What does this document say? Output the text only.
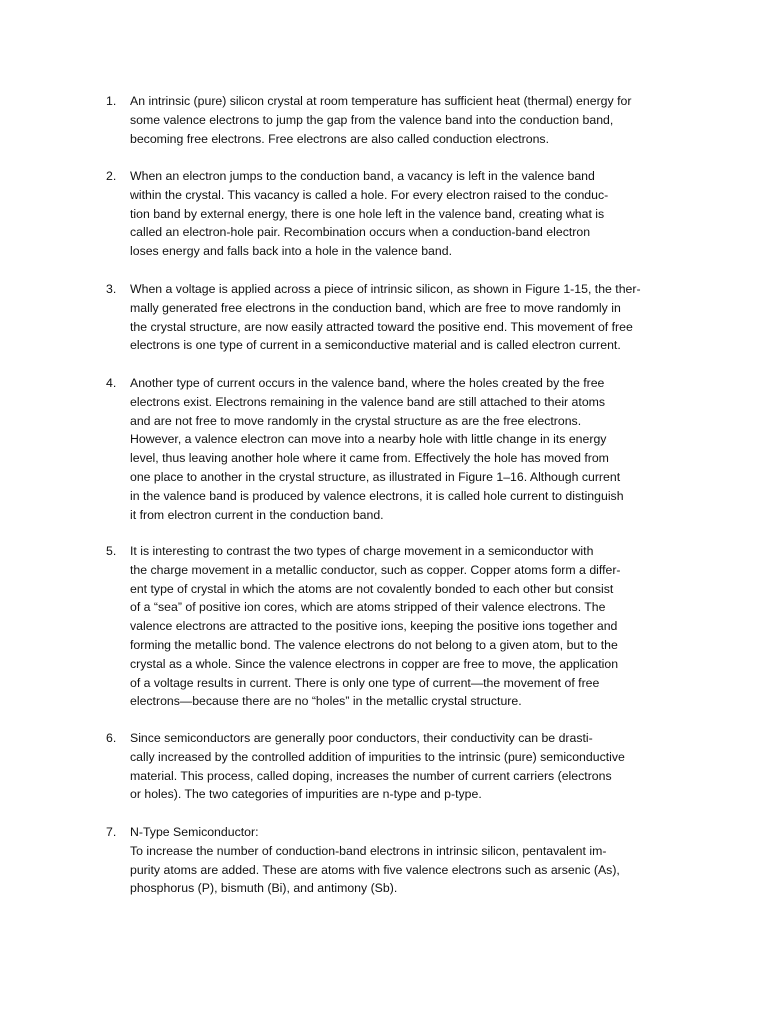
1.	An intrinsic (pure) silicon crystal at room temperature has sufficient heat (thermal) energy for
some valence electrons to jump the gap from the valence band into the conduction band,
becoming free electrons. Free electrons are also called conduction electrons.
2.	When an electron jumps to the conduction band, a vacancy is left in the valence band
within the crystal. This vacancy is called a hole. For every electron raised to the conduc-
tion band by external energy, there is one hole left in the valence band, creating what is
called an electron-hole pair. Recombination occurs when a conduction-band electron
loses energy and falls back into a hole in the valence band.
3.	When a voltage is applied across a piece of intrinsic silicon, as shown in Figure 1-15, the ther-
mally generated free electrons in the conduction band, which are free to move randomly in
the crystal structure, are now easily attracted toward the positive end. This movement of free
electrons is one type of current in a semiconductive material and is called electron current.
4.	Another type of current occurs in the valence band, where the holes created by the free
electrons exist. Electrons remaining in the valence band are still attached to their atoms
and are not free to move randomly in the crystal structure as are the free electrons.
However, a valence electron can move into a nearby hole with little change in its energy
level, thus leaving another hole where it came from. Effectively the hole has moved from
one place to another in the crystal structure, as illustrated in Figure 1–16. Although current
in the valence band is produced by valence electrons, it is called hole current to distinguish
it from electron current in the conduction band.
5.	It is interesting to contrast the two types of charge movement in a semiconductor with
the charge movement in a metallic conductor, such as copper. Copper atoms form a differ-
ent type of crystal in which the atoms are not covalently bonded to each other but consist
of a “sea” of positive ion cores, which are atoms stripped of their valence electrons. The
valence electrons are attracted to the positive ions, keeping the positive ions together and
forming the metallic bond. The valence electrons do not belong to a given atom, but to the
crystal as a whole. Since the valence electrons in copper are free to move, the application
of a voltage results in current. There is only one type of current—the movement of free
electrons—because there are no “holes” in the metallic crystal structure.
6.	Since semiconductors are generally poor conductors, their conductivity can be drasti-
cally increased by the controlled addition of impurities to the intrinsic (pure) semiconductive
material. This process, called doping, increases the number of current carriers (electrons
or holes). The two categories of impurities are n-type and p-type.
7.	N-Type Semiconductor:
To increase the number of conduction-band electrons in intrinsic silicon, pentavalent im-
purity atoms are added. These are atoms with five valence electrons such as arsenic (As),
phosphorus (P), bismuth (Bi), and antimony (Sb).
